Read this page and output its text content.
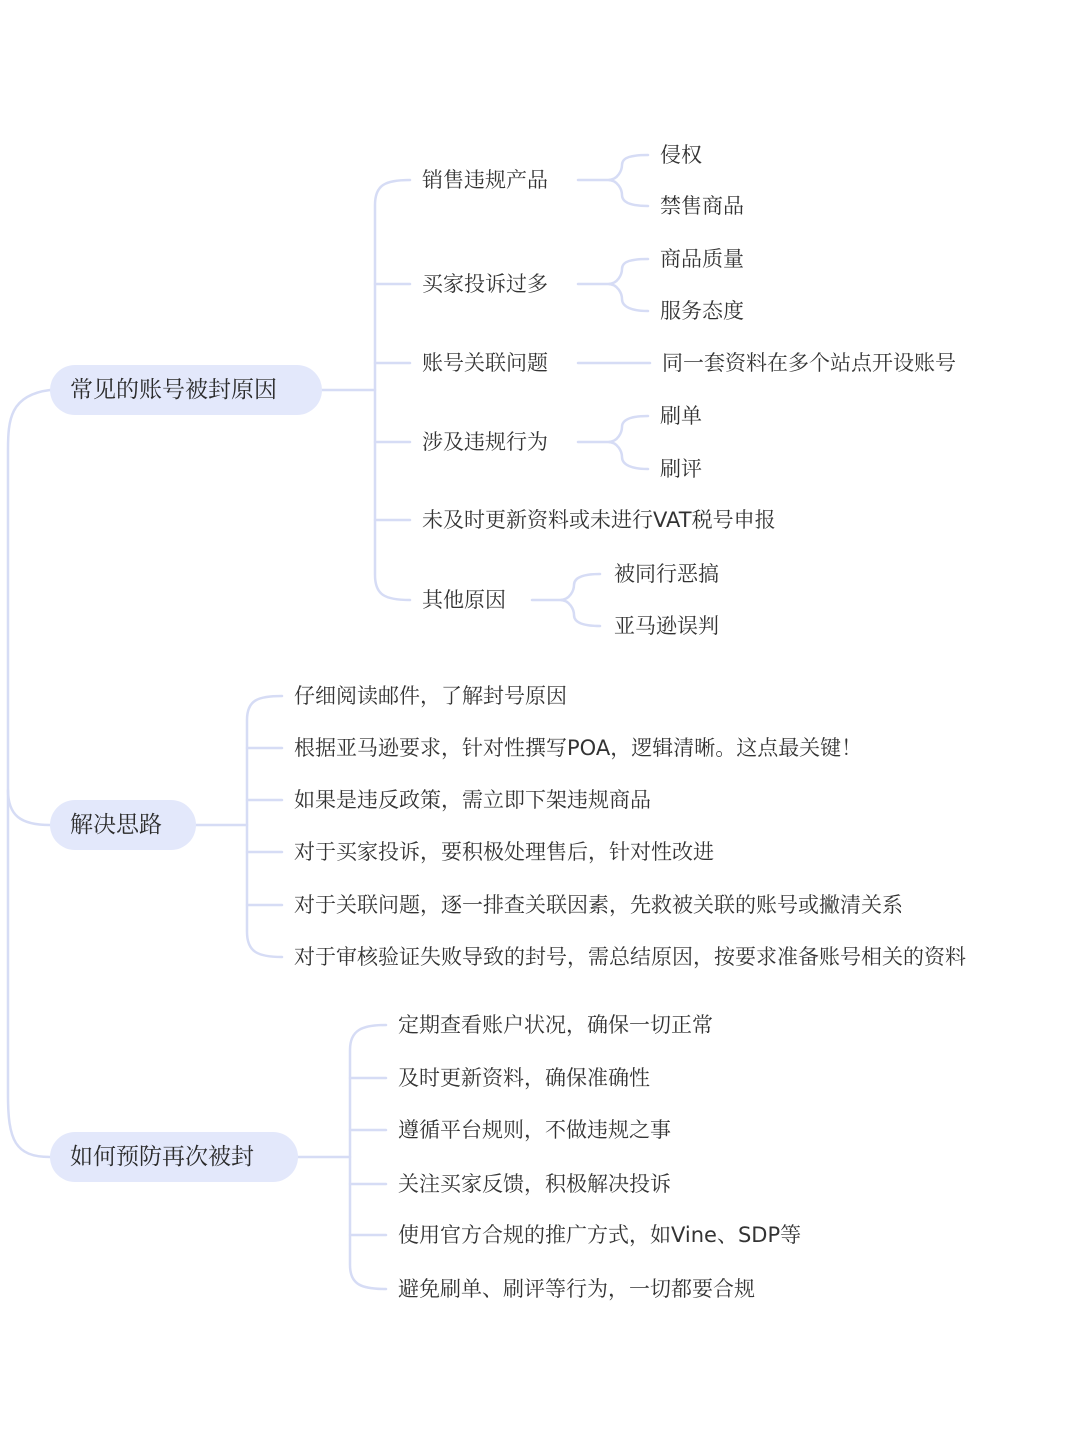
常见的账号被封原因
销售违规产品
侵权
禁售商品
买家投诉过多
商品质量
服务态度
账号关联问题	同一套资料在多个站点开设账号
涉及违规行为
刷单
刷评
未及时更新资料或未进行VAT税号申报
其他原因
被同行恶搞
亚马逊误判
解决思路
仔细阅读邮件，了解封号原因
根据亚马逊要求，针对性撰写POA，逻辑清晰。这点最关键！
如果是违反政策，需立即下架违规商品
对于买家投诉，要积极处理售后，针对性改进
对于关联问题，逐一排查关联因素，先救被关联的账号或撇清关系
对于审核验证失败导致的封号，需总结原因，按要求准备账号相关的资料
如何预防再次被封
定期查看账户状况，确保一切正常
及时更新资料，确保准确性
遵循平台规则，不做违规之事
关注买家反馈，积极解决投诉
使用官方合规的推广方式，如Vine、SDP等
避免刷单、刷评等行为，一切都要合规
